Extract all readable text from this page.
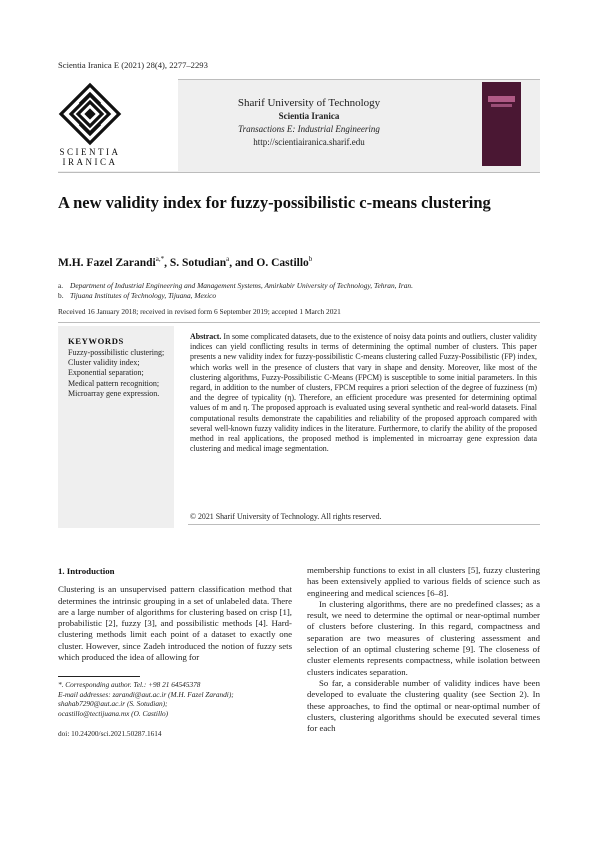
Scientia Iranica E (2021) 28(4), 2277–2293
SCIENTIA
IRANICA
Sharif University of Technology
Scientia Iranica
Transactions E: Industrial Engineering
http://scientiairanica.sharif.edu
A new validity index for fuzzy-possibilistic c-means clustering
M.H. Fazel Zarandi$^{a,*}$, S. Sotudian$^a$, and O. Castillo$^b$
a. Department of Industrial Engineering and Management Systems, Amirkabir University of Technology, Tehran, Iran.
b. Tijuana Institutes of Technology, Tijuana, Mexico
Received 16 January 2018; received in revised form 6 September 2019; accepted 1 March 2021
KEYWORDS
Fuzzy-possibilistic clustering;
Cluster validity index;
Exponential separation;
Medical pattern recognition;
Microarray gene expression.
Abstract. In some complicated datasets, due to the existence of noisy data points and outliers, cluster validity indices can yield conflicting results in terms of determining the optimal number of clusters. This paper presents a new validity index for fuzzy-possibilistic C-means clustering called Fuzzy-Possibilistic (FP) index, which works well in the presence of clusters that vary in shape and density. Moreover, like most of the clustering algorithms, Fuzzy-Possibilistic C-Means (FPCM) is susceptible to some initial parameters. In this regard, in addition to the number of clusters, FPCM requires a priori selection of the degree of fuzziness (m) and the degree of typicality (η). Therefore, an efficient procedure was presented for determining optimal values of m and η. The proposed approach is evaluated using several synthetic and real-world datasets. Final computational results demonstrate the capabilities and reliability of the proposed approach compared with several well-known fuzzy validity indices in the literature. Furthermore, to clarify the ability of the proposed method in real applications, the proposed method is implemented in microarray gene expression data clustering and medical image segmentation.
© 2021 Sharif University of Technology. All rights reserved.
1. Introduction

Clustering is an unsupervised pattern classification method that determines the intrinsic grouping in a set of unlabeled data. There are a large number of algorithms for clustering based on crisp [1], probabilistic [2], fuzzy [3], and possibilistic methods [4]. Hard-clustering methods limit each point of a dataset to exactly one cluster. However, since Zadeh introduced the notion of fuzzy sets which produced the idea of allowing for

membership functions to exist in all clusters [5], fuzzy clustering has been extensively applied to various fields of science such as engineering and medical sciences [6–8].

In clustering algorithms, there are no predefined classes; as a result, we need to determine the optimal or near-optimal number of clusters before clustering. In this regard, compactness and separation are two measures of clustering assessment and selection of an optimal clustering scheme [9]. The closeness of cluster elements represents compactness, while isolation between clusters indicates separation.

So far, a considerable number of validity indices have been developed to evaluate the clustering quality (see Section 2). In these approaches, to find the optimal or near-optimal number of clusters, clustering algorithms should be executed several times for each

*. Corresponding author. Tel.: +98 21 64545378
E-mail addresses: zarandi@aut.ac.ir (M.H. Fazel Zarandi);
shahab7290@aut.ac.ir (S. Sotudian);
ocastillo@tectijuana.mx (O. Castillo)
doi: 10.24200/sci.2021.50287.1614
